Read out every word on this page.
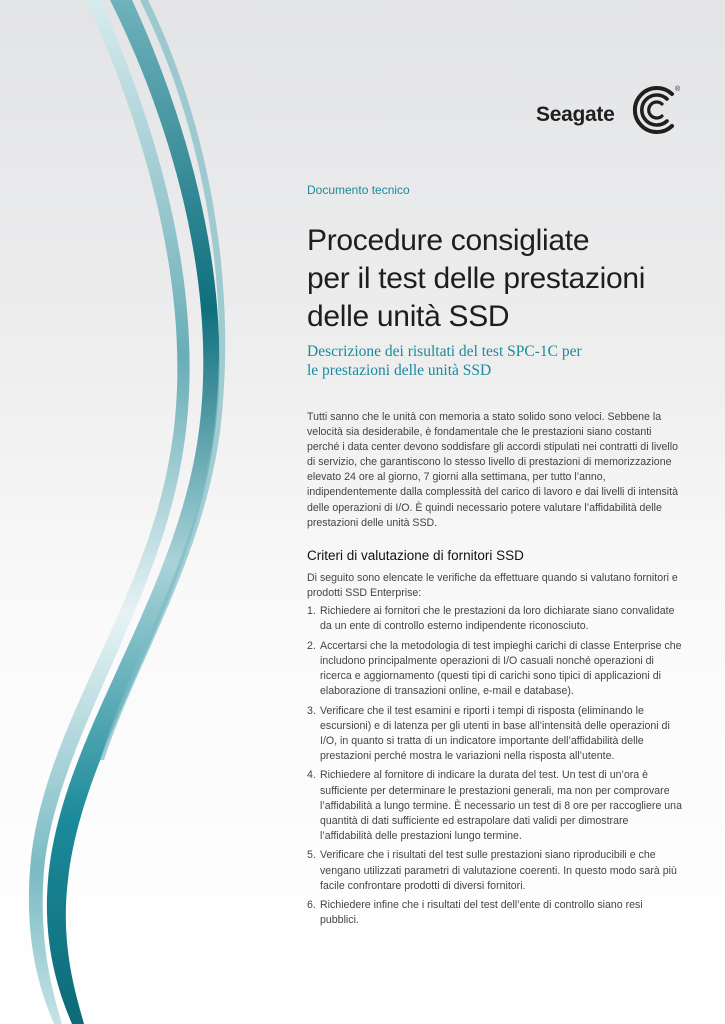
Seagate
®
Documento tecnico
Procedure consigliate
per il test delle prestazioni
delle unità SSD
Descrizione dei risultati del test SPC-1C per
le prestazioni delle unità SSD

Tutti sanno che le unità con memoria a stato solido sono veloci. Sebbene la velocità sia desiderabile, è fondamentale che le prestazioni siano costanti perché i data center devono soddisfare gli accordi stipulati nei contratti di livello di servizio, che garantiscono lo stesso livello di prestazioni di memorizzazione elevato 24 ore al giorno, 7 giorni alla settimana, per tutto l’anno, indipendentemente dalla complessità del carico di lavoro e dai livelli di intensità delle operazioni di I/O. È quindi necessario potere valutare l’affidabilità delle prestazioni delle unità SSD.

Criteri di valutazione di fornitori SSD

Di seguito sono elencate le verifiche da effettuare quando si valutano fornitori e prodotti SSD Enterprise:

1. Richiedere ai fornitori che le prestazioni da loro dichiarate siano convalidate da un ente di controllo esterno indipendente riconosciuto.
2. Accertarsi che la metodologia di test impieghi carichi di classe Enterprise che includono principalmente operazioni di I/O casuali nonché operazioni di ricerca e aggiornamento (questi tipi di carichi sono tipici di applicazioni di elaborazione di transazioni online, e-mail e database).
3. Verificare che il test esamini e riporti i tempi di risposta (eliminando le escursioni) e di latenza per gli utenti in base all’intensità delle operazioni di I/O, in quanto si tratta di un indicatore importante dell’affidabilità delle prestazioni perché mostra le variazioni nella risposta all’utente.
4. Richiedere al fornitore di indicare la durata del test. Un test di un’ora è sufficiente per determinare le prestazioni generali, ma non per comprovare l’affidabilità a lungo termine. È necessario un test di 8 ore per raccogliere una quantità di dati sufficiente ed estrapolare dati validi per dimostrare l’affidabilità delle prestazioni lungo termine.
5. Verificare che i risultati del test sulle prestazioni siano riproducibili e che vengano utilizzati parametri di valutazione coerenti. In questo modo sarà più facile confrontare prodotti di diversi fornitori.
6. Richiedere infine che i risultati del test dell’ente di controllo siano resi pubblici.
